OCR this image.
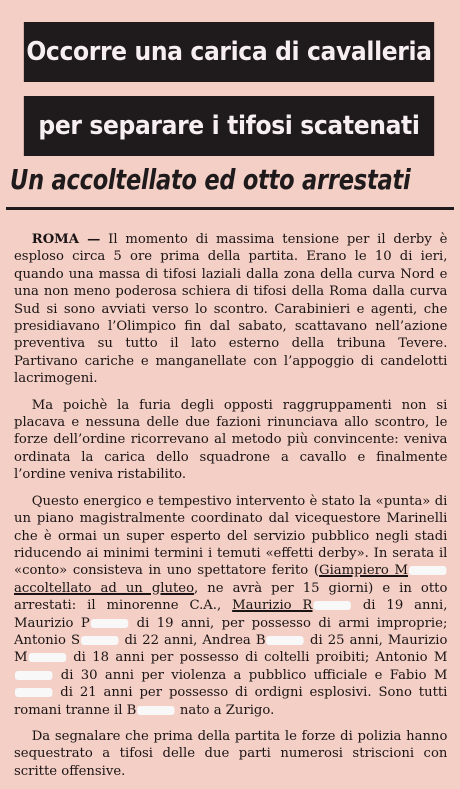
Occorre una carica di cavalleria
per separare i tifosi scatenati
Un accoltellato ed otto arrestati

ROMA — Il momento di massima tensione per il derby è esploso circa 5 ore prima della partita. Erano le 10 di ieri, quando una massa di tifosi laziali dalla zona della curva Nord e una non meno poderosa schiera di tifosi della Roma dalla curva Sud si sono avviati verso lo scontro. Carabinieri e agenti, che presidiavano l’Olimpico fin dal sabato, scattavano nell’azione preventiva su tutto il lato esterno della tribuna Tevere. Partivano cariche e manganellate con l’appoggio di candelotti lacrimogeni.

Ma poichè la furia degli opposti raggruppamenti non si placava e nessuna delle due fazioni rinunciava allo scontro, le forze dell’ordine ricorrevano al metodo più convincente: veniva ordinata la carica dello squadrone a cavallo e finalmente l’ordine veniva ristabilito.

Questo energico e tempestivo intervento è stato la «punta» di un piano magistralmente coordinato dal vicequestore Marinelli che è ormai un super esperto del servizio pubblico negli stadi riducendo ai minimi termini i temuti «effetti derby». In serata il «conto» consisteva in uno spettatore ferito (Giampiero M accoltellato ad un gluteo, ne avrà per 15 giorni) e in otto arrestati: il minorenne C.A., Maurizio R	di 19 anni, Maurizio P	di 19 anni, per possesso di armi improprie; Antonio S	di 22 anni, Andrea B	di 25 anni, Maurizio M	di 18 anni per possesso di coltelli proibiti; Antonio M di 30 anni per violenza a pubblico ufficiale e Fabio M di 21 anni per possesso di ordigni esplosivi. Sono tutti romani tranne il B	nato a Zurigo.

Da segnalare che prima della partita le forze di polizia hanno sequestrato a tifosi delle due parti numerosi striscioni con scritte offensive.
